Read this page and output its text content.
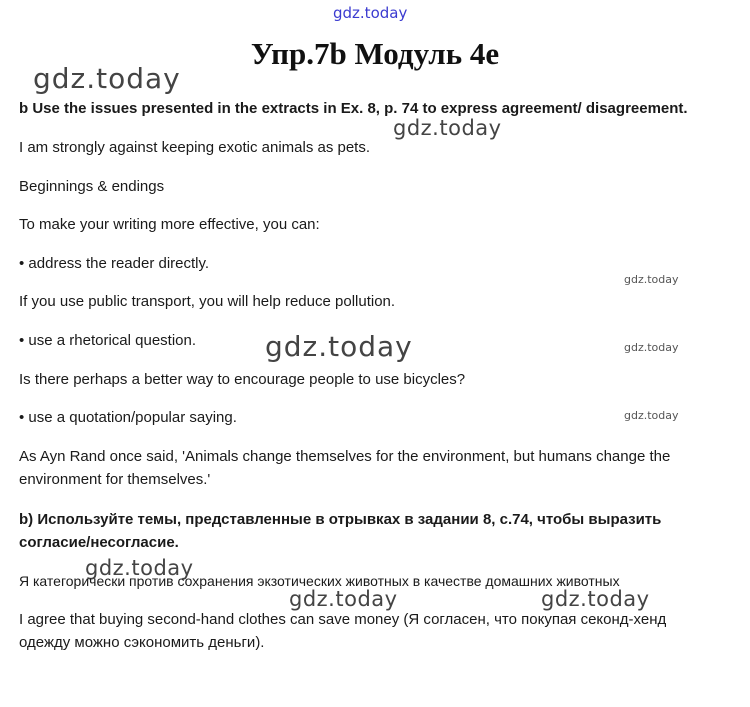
gdz.today
gdz.today
gdz.today
gdz.today
gdz.today	gdz.today
gdz.today
gdz.today
gdz.today	gdz.today
Упр.7b Модуль 4e
b Use the issues presented in the extracts in Ex. 8, p. 74 to express agreement/ disagreement.
I am strongly against keeping exotic animals as pets.
Beginnings & endings
To make your writing more effective, you can:
• address the reader directly.
If you use public transport, you will help reduce pollution.
• use a rhetorical question.
Is there perhaps a better way to encourage people to use bicycles?
• use a quotation/popular saying.
As Ayn Rand once said, 'Animals change themselves for the environment, but humans change the environment for themselves.'
b) Используйте темы, представленные в отрывках в задании 8, с.74, чтобы выразить согласие/несогласие.
Я категорически против сохранения экзотических животных в качестве домашних животных
I agree that buying second-hand clothes can save money (Я согласен, что покупая секонд-хенд одежду можно сэкономить деньги).
